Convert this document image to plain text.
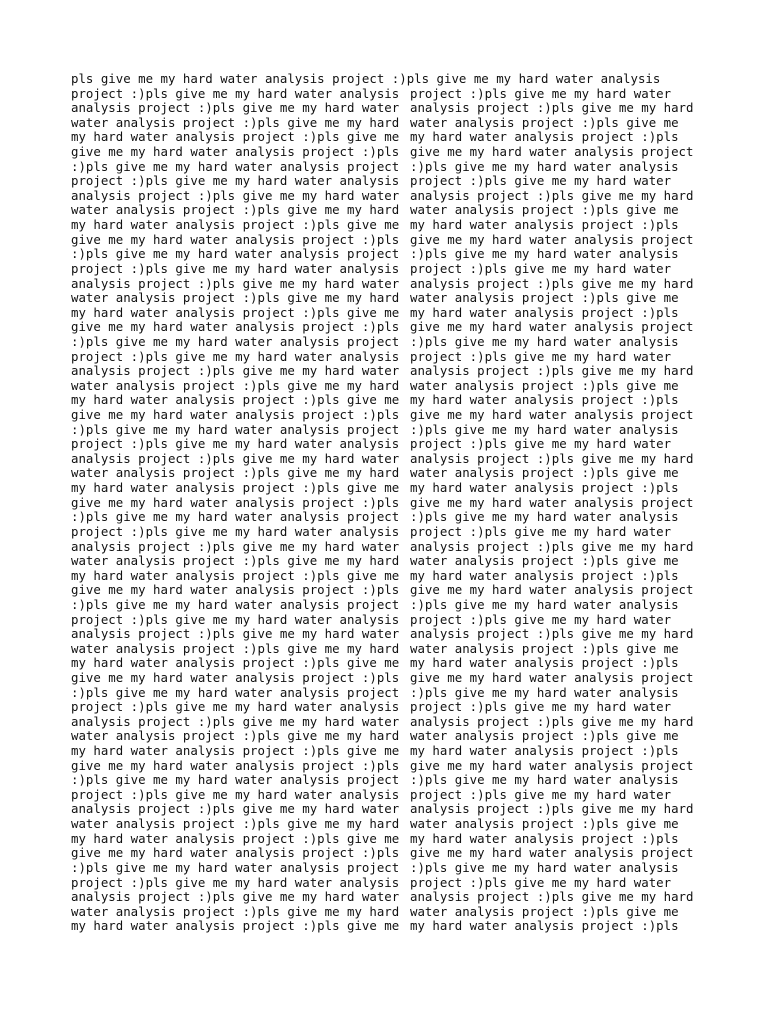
pls give me my hard water analysis project :)pls give me my hard water analysis
project :)pls give me my hard water analysis
analysis project :)pls give me my hard water
water analysis project :)pls give me my hard
my hard water analysis project :)pls give me
give me my hard water analysis project :)pls
:)pls give me my hard water analysis project
project :)pls give me my hard water analysis
analysis project :)pls give me my hard water
water analysis project :)pls give me my hard
my hard water analysis project :)pls give me
give me my hard water analysis project :)pls
:)pls give me my hard water analysis project
project :)pls give me my hard water analysis
analysis project :)pls give me my hard water
water analysis project :)pls give me my hard
my hard water analysis project :)pls give me
give me my hard water analysis project :)pls
:)pls give me my hard water analysis project
project :)pls give me my hard water analysis
analysis project :)pls give me my hard water
water analysis project :)pls give me my hard
my hard water analysis project :)pls give me
give me my hard water analysis project :)pls
:)pls give me my hard water analysis project
project :)pls give me my hard water analysis
analysis project :)pls give me my hard water
water analysis project :)pls give me my hard
my hard water analysis project :)pls give me
give me my hard water analysis project :)pls
:)pls give me my hard water analysis project
project :)pls give me my hard water analysis
analysis project :)pls give me my hard water
water analysis project :)pls give me my hard
my hard water analysis project :)pls give me
give me my hard water analysis project :)pls
:)pls give me my hard water analysis project
project :)pls give me my hard water analysis
analysis project :)pls give me my hard water
water analysis project :)pls give me my hard
my hard water analysis project :)pls give me
give me my hard water analysis project :)pls
:)pls give me my hard water analysis project
project :)pls give me my hard water analysis
analysis project :)pls give me my hard water
water analysis project :)pls give me my hard
my hard water analysis project :)pls give me
give me my hard water analysis project :)pls
:)pls give me my hard water analysis project
project :)pls give me my hard water analysis
analysis project :)pls give me my hard water
water analysis project :)pls give me my hard
my hard water analysis project :)pls give me
give me my hard water analysis project :)pls
:)pls give me my hard water analysis project
project :)pls give me my hard water analysis
analysis project :)pls give me my hard water
water analysis project :)pls give me my hard
my hard water analysis project :)pls give me
project :)pls give me my hard water
analysis project :)pls give me my hard
water analysis project :)pls give me
my hard water analysis project :)pls
give me my hard water analysis project
:)pls give me my hard water analysis
project :)pls give me my hard water
analysis project :)pls give me my hard
water analysis project :)pls give me
my hard water analysis project :)pls
give me my hard water analysis project
:)pls give me my hard water analysis
project :)pls give me my hard water
analysis project :)pls give me my hard
water analysis project :)pls give me
my hard water analysis project :)pls
give me my hard water analysis project
:)pls give me my hard water analysis
project :)pls give me my hard water
analysis project :)pls give me my hard
water analysis project :)pls give me
my hard water analysis project :)pls
give me my hard water analysis project
:)pls give me my hard water analysis
project :)pls give me my hard water
analysis project :)pls give me my hard
water analysis project :)pls give me
my hard water analysis project :)pls
give me my hard water analysis project
:)pls give me my hard water analysis
project :)pls give me my hard water
analysis project :)pls give me my hard
water analysis project :)pls give me
my hard water analysis project :)pls
give me my hard water analysis project
:)pls give me my hard water analysis
project :)pls give me my hard water
analysis project :)pls give me my hard
water analysis project :)pls give me
my hard water analysis project :)pls
give me my hard water analysis project
:)pls give me my hard water analysis
project :)pls give me my hard water
analysis project :)pls give me my hard
water analysis project :)pls give me
my hard water analysis project :)pls
give me my hard water analysis project
:)pls give me my hard water analysis
project :)pls give me my hard water
analysis project :)pls give me my hard
water analysis project :)pls give me
my hard water analysis project :)pls
give me my hard water analysis project
:)pls give me my hard water analysis
project :)pls give me my hard water
analysis project :)pls give me my hard
water analysis project :)pls give me
my hard water analysis project :)pls
